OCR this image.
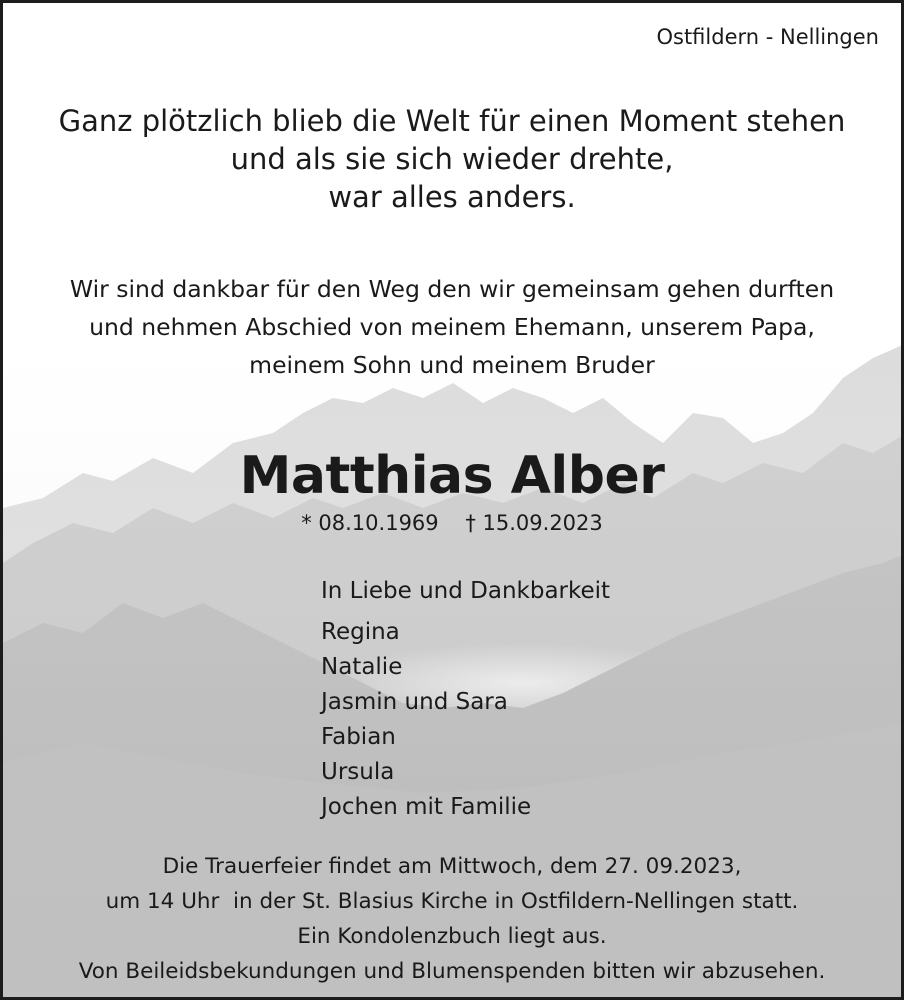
Ostfildern - Nellingen
Ganz plötzlich blieb die Welt für einen Moment stehen
und als sie sich wieder drehte,
war alles anders.
Wir sind dankbar für den Weg den wir gemeinsam gehen durften
und nehmen Abschied von meinem Ehemann, unserem Papa,
meinem Sohn und meinem Bruder
Matthias Alber
* 08.10.1969 † 15.09.2023
In Liebe und Dankbarkeit
Regina
Natalie
Jasmin und Sara
Fabian
Ursula
Jochen mit Familie
Die Trauerfeier findet am Mittwoch, dem 27. 09.2023,
um 14 Uhr  in der St. Blasius Kirche in Ostfildern-Nellingen statt.
Ein Kondolenzbuch liegt aus.
Von Beileidsbekundungen und Blumenspenden bitten wir abzusehen.
